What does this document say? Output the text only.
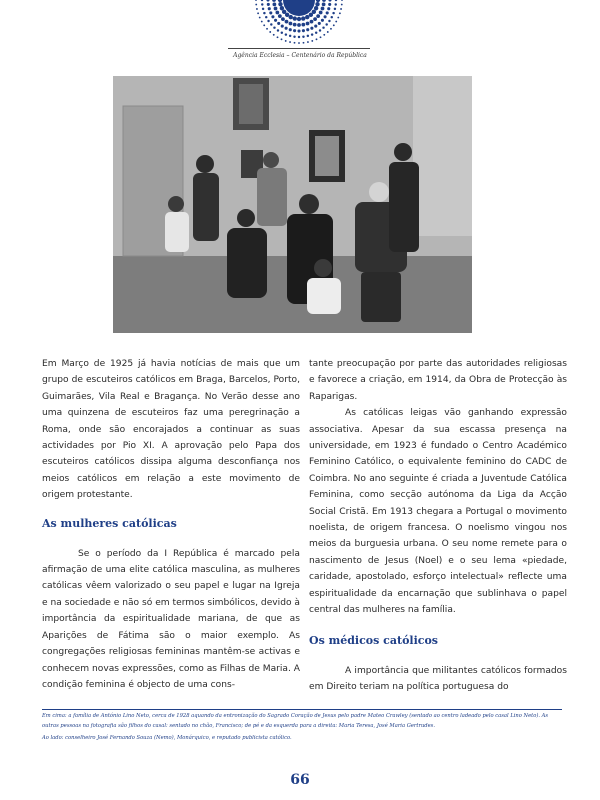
Agência Ecclesia – Centenário da República

Em Março de 1925 já havia notícias de mais que um grupo de escuteiros católicos em Braga, Barcelos, Porto, Guimarães, Vila Real e Bragança. No Verão desse ano uma quinzena de escuteiros faz uma peregrinação a Roma, onde são encorajados a continuar as suas actividades por Pio XI. A aprovação pelo Papa dos escuteiros católicos dissipa alguma desconfiança nos meios católicos em relação a este movimento de origem protestante.

As mulheres católicas

Se o período da I República é marcado pela afirmação de uma elite católica masculina, as mulheres católicas vêem valorizado o seu papel e lugar na Igreja e na sociedade e não só em termos simbólicos, devido à importância da espiritualidade mariana, de que as Aparições de Fátima são o maior exemplo. As congregações religiosas femininas mantêm-se activas e conhecem novas expressões, como as Filhas de Maria. A condição feminina é objecto de uma cons-

tante preocupação por parte das autoridades religiosas e favorece a criação, em 1914, da Obra de Protecção às Raparigas.

As católicas leigas vão ganhando expressão associativa. Apesar da sua escassa presença na universidade, em 1923 é fundado o Centro Académico Feminino Católico, o equivalente feminino do CADC de Coimbra. No ano seguinte é criada a Juventude Católica Feminina, como secção autónoma da Liga da Acção Social Cristã. Em 1913 chegara a Portugal o movimento noelista, de origem francesa. O noelismo vingou nos meios da burguesia urbana. O seu nome remete para o nascimento de Jesus (Noel) e o seu lema «piedade, caridade, apostolado, esforço intelectual» reflecte uma espiritualidade da encarnação que sublinhava o papel central das mulheres na família.

Os médicos católicos

A importância que militantes católicos formados em Direito teriam na política portuguesa do

Em cima: a família de António Lino Neto, cerca de 1928 aquando da entronização do Sagrado Coração de Jesus pelo padre Mateo Crawley (sentado ao centro ladeado pelo casal Lino Neto). As outras pessoas na fotografia são filhos do casal: sentado no chão, Francisco; de pé e da esquerda para a direita: Maria Teresa, José Maria Gertrudes.

Ao lado: conselheiro José Fernando Souza (Nemo), Monárquico, e reputado publicista católico.

66
